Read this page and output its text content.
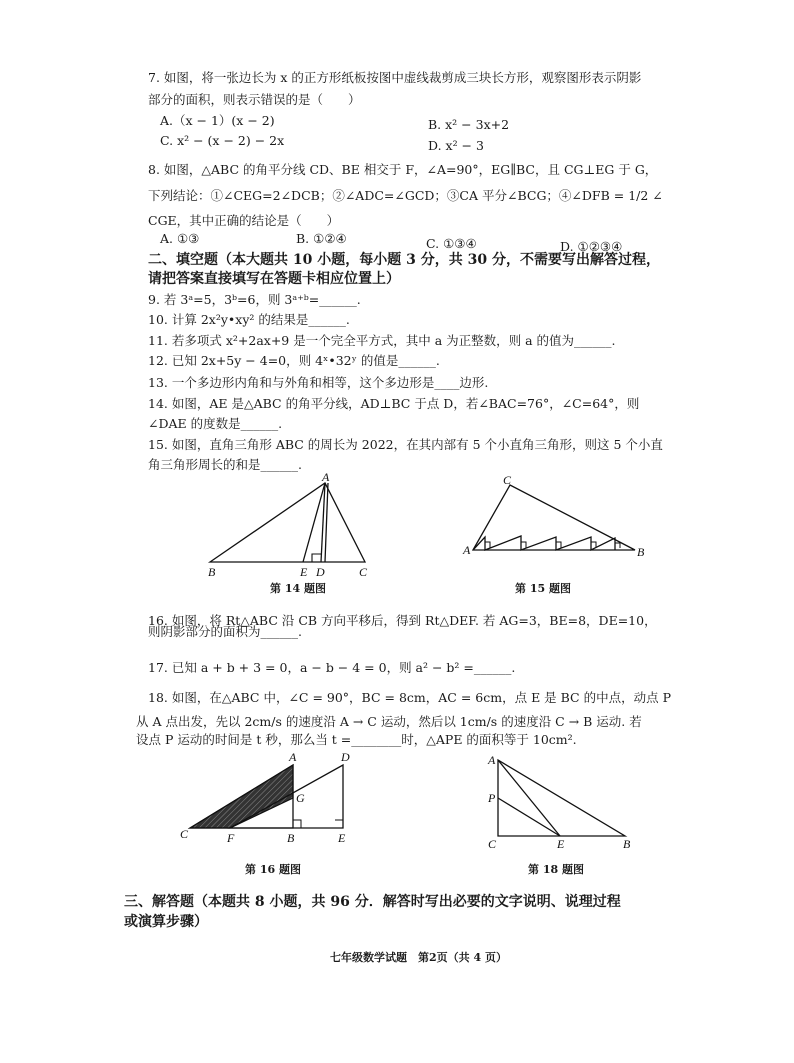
7. 如图，将一张边长为 x 的正方形纸板按图中虚线裁剪成三块长方形，观察图形表示阴影
部分的面积，则表示错误的是（　　）
A.（x − 1）(x − 2)	B. x² − 3x+2
C. x² − (x − 2) − 2x	D. x² − 3
8. 如图，△ABC 的角平分线 CD、BE 相交于 F，∠A=90°，EG∥BC，且 CG⊥EG 于 G，
下列结论：①∠CEG=2∠DCB；②∠ADC=∠GCD；③CA 平分∠BCG；④∠DFB = 1/2 ∠
CGE，其中正确的结论是（　　）
A. ①③	B. ①②④	C. ①③④	D. ①②③④
二、填空题（本大题共 10 小题，每小题 3 分，共 30 分，不需要写出解答过程，
请把答案直接填写在答题卡相应位置上）
9. 若 3ᵃ=5，3ᵇ=6，则 3ᵃ⁺ᵇ=______.
10. 计算 2x²y•xy² 的结果是______.
11. 若多项式 x²+2ax+9 是一个完全平方式，其中 a 为正整数，则 a 的值为______.
12. 已知 2x+5y − 4=0，则 4ˣ•32ʸ 的值是______.
13. 一个多边形内角和与外角和相等，这个多边形是____边形.
14. 如图，AE 是△ABC 的角平分线，AD⊥BC 于点 D，若∠BAC=76°，∠C=64°，则
∠DAE 的度数是______.
15. 如图，直角三角形 ABC 的周长为 2022，在其内部有 5 个小直角三角形，则这 5 个小直
角三角形周长的和是______.
A
B	E D	C
第 14 题图
C
A	B
第 15 题图
16. 如图，将 Rt△ABC 沿 CB 方向平移后，得到 Rt△DEF. 若 AG=3，BE=8，DE=10，
则阴影部分的面积为______.
17. 已知 a + b + 3 = 0，a − b − 4 = 0，则 a² − b² =______.
18. 如图，在△ABC 中，∠C = 90°，BC = 8cm，AC = 6cm，点 E 是 BC 的中点，动点 P
从 A 点出发，先以 2cm/s 的速度沿 A → C 运动，然后以 1cm/s 的速度沿 C → B 运动. 若
设点 P 运动的时间是 t 秒，那么当 t =________时，△APE 的面积等于 10cm².
A	D
G
C	F	B	E
第 16 题图
A
P
C	E	B
第 18 题图
三、解答题（本题共 8 小题，共 96 分．解答时写出必要的文字说明、说理过程
或演算步骤）
七年级数学试题　第2页（共 4 页）
